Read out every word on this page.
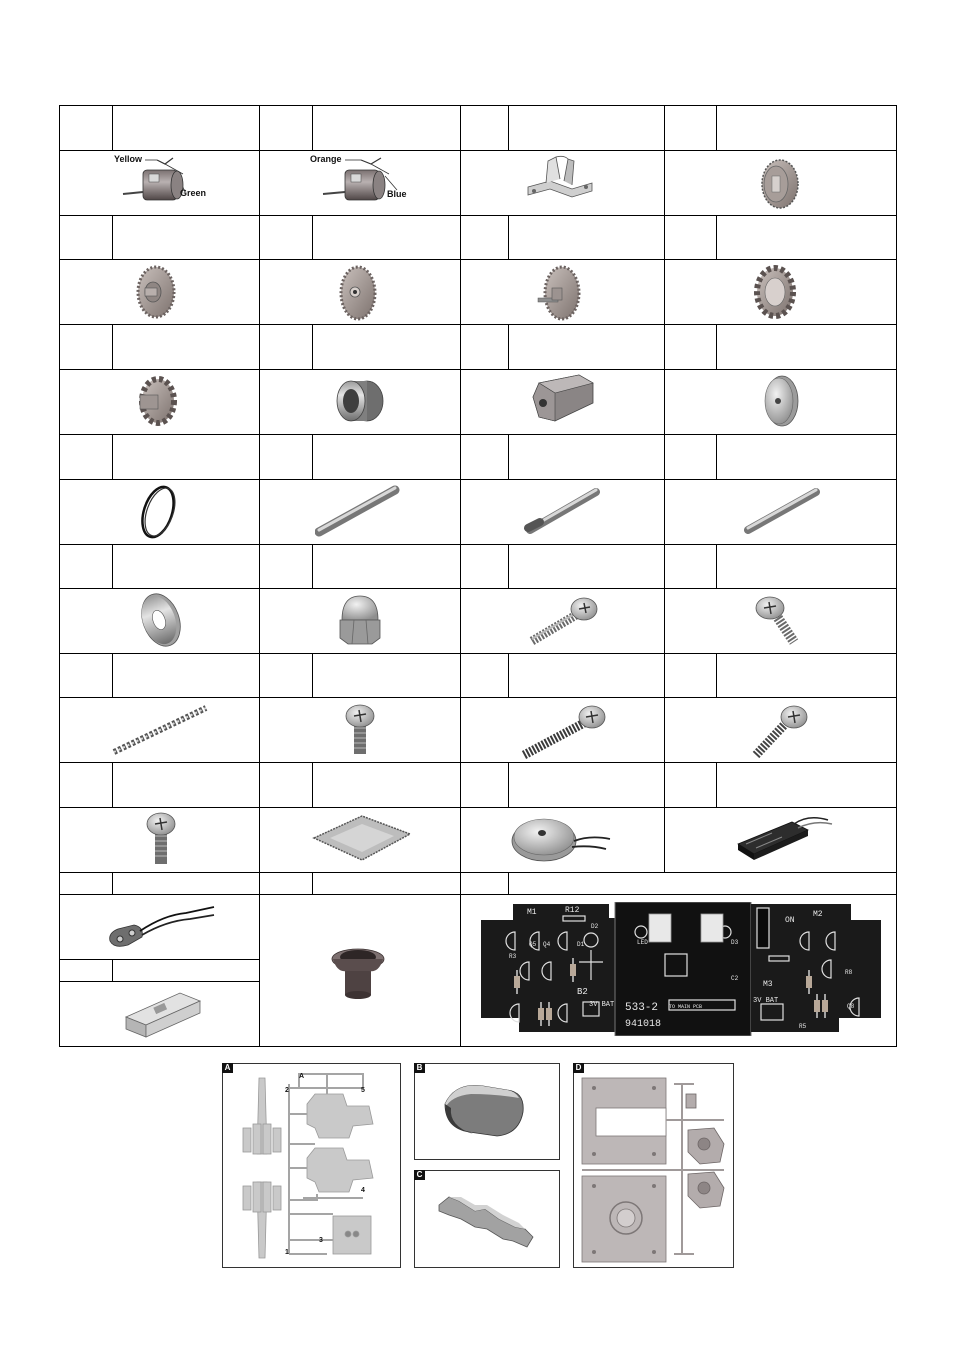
Yellow
Green
Orange
Blue
M1	R12
D2
Q5 Q4	D1
R3
B2
3V BAT
LED	D3
C2
533-2
941018
TO MAIN PCB
ON
M2
M3
R8
Q8
R5
3V BAT
A
A
2	5
4
3
1
B
C
D
